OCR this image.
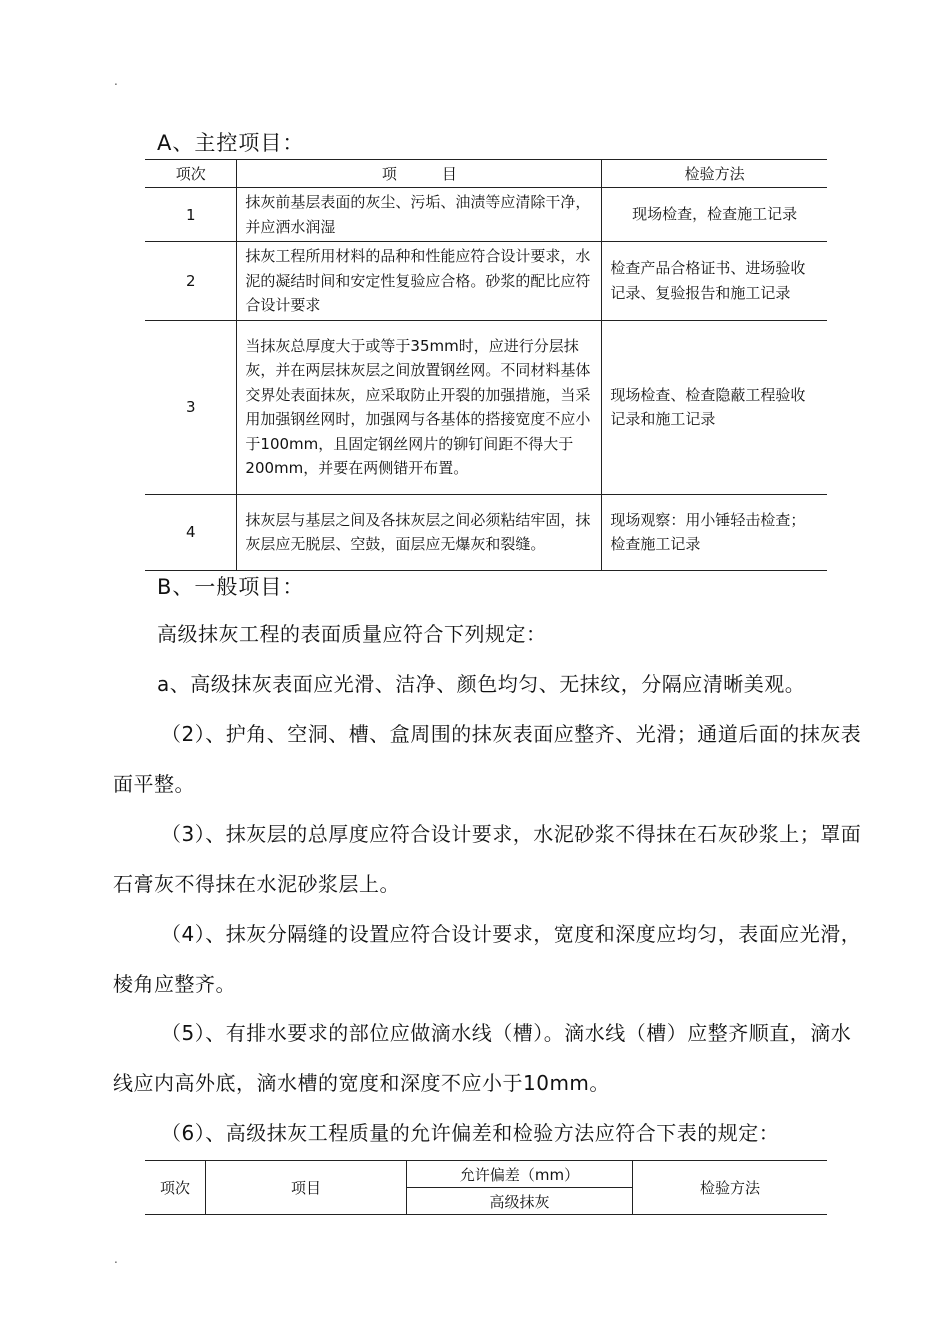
.
A、主控项目：
项次	项　　　目	检验方法
1	抹灰前基层表面的灰尘、污垢、油渍等应清除干净，并应洒水润湿	现场检查，检查施工记录
2	抹灰工程所用材料的品种和性能应符合设计要求，水泥的凝结时间和安定性复验应合格。砂浆的配比应符合设计要求	检查产品合格证书、进场验收记录、复验报告和施工记录
3	当抹灰总厚度大于或等于35mm时，应进行分层抹灰，并在两层抹灰层之间放置钢丝网。不同材料基体交界处表面抹灰，应采取防止开裂的加强措施，当采用加强钢丝网时，加强网与各基体的搭接宽度不应小于100mm，且固定钢丝网片的铆钉间距不得大于200mm，并要在两侧错开布置。	现场检查、检查隐蔽工程验收记录和施工记录
4	抹灰层与基层之间及各抹灰层之间必须粘结牢固，抹灰层应无脱层、空鼓，面层应无爆灰和裂缝。	现场观察：用小锤轻击检查；检查施工记录
B、一般项目：
高级抹灰工程的表面质量应符合下列规定：
a、高级抹灰表面应光滑、洁净、颜色均匀、无抹纹，分隔应清晰美观。
（2）、护角、空洞、槽、盒周围的抹灰表面应整齐、光滑；通道后面的抹灰表面平整。
（3）、抹灰层的总厚度应符合设计要求，水泥砂浆不得抹在石灰砂浆上；罩面石膏灰不得抹在水泥砂浆层上。
（4）、抹灰分隔缝的设置应符合设计要求，宽度和深度应均匀，表面应光滑，棱角应整齐。
（5）、有排水要求的部位应做滴水线（槽）。滴水线（槽）应整齐顺直，滴水线应内高外底，滴水槽的宽度和深度不应小于10mm。
（6）、高级抹灰工程质量的允许偏差和检验方法应符合下表的规定：
项次	项目	允许偏差（mm）	检验方法
高级抹灰
.
